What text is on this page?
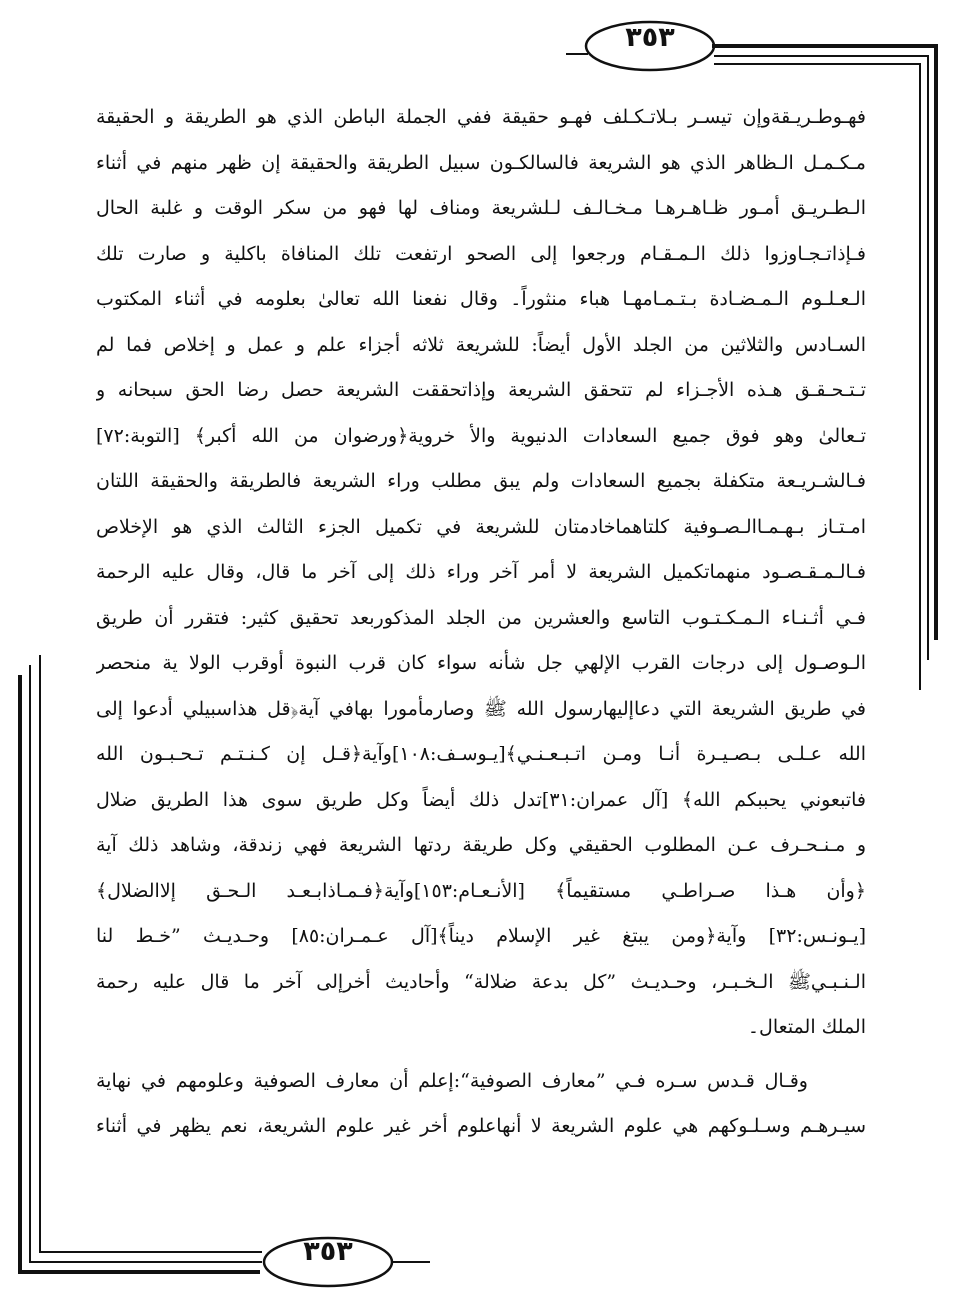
٣٥٣
٣٥٣
فهـوطـريـقةوإن تيسـر بـلاتـكـلف فهـو حقيقة ففي الجملة الباطن الذي هو الطريقة و الحقيقة
مـكـمـل الـظاهر الذي هو الشريعة فالسالكـون سبيل الطريقة والحقيقة إن ظهر منهم في أثناء
الـطـريـق أمـور ظـاهـرهـا مـخـالـف لـلشريعة ومناف لها فهو من سكر الوقت و غلبة الحال
فـإذاتـجـاوزوا ذلك الـمـقـام ورجعوا إلى الصحو ارتفعت تلك المنافاة باكلية و صارت تلك
الـعـلـوم الـمـضـادة بـتـمـامهـا هباء منثوراً۔ وقال نفعنا الله تعالیٰ بعلومه في أثناء المكتوب
السـادس والثلاثين من الجلد الأول أيضاً: للشريعة ثلاثه أجزاء علم و عمل و إخلاص فما لم
تـتـحـقـق هـذه الأجـزاء لم تتحقق الشريعة وإذاتحققت الشريعة حصل رضا الحق سبحانه و
تـعالیٰ وهو فوق جميع السعادات الدنيوية والأ خروية﴿ورضوان من الله أكبر﴾ [التوبة:٧٢]
فـالشـريـعة متكفلة بجميع السعادات ولم يبق مطلب وراء الشريعة فالطريقة والحقيقة اللتان
امـتـاز بـهـمـاالـصـوفية كلتاهماخادمتان للشريعة في تكميل الجزء الثالث الذي هو الإخلاص
فـالـمـقـصـود منهماتكميل الشريعة لا أمر آخر وراء ذلك إلى آخر ما قال، وقال عليه الرحمة
فـي أثـنـاء الـمـكـتـوب التاسع والعشرين من الجلد المذكوربعد تحقيق كثير: فتقرر أن طريق
الـوصـول إلى درجات القرب الإلهي جل شأنه سواء كان قرب النبوة أوقرب الولا ية منحصر
في طريق الشريعة التي دعاإليهارسول الله ﷺ وصارمأمورا بهافي آية﴿قل هذاسبيلي أدعوا إلى
الله عـلـى بـصـيـرة أنـا ومـن اتـبـعـنـي﴾[يـوسـف:١٠٨]وآية﴿قـل إن كـنـتـم تـحـبـون الله
فاتبعوني يحببكم الله﴾ [آل عمران:٣١]تدل ذلك أيضاً وكل طريق سوى هذا الطريق ضلال
و مـنـحـرف عـن المطلوب الحقيقي وكل طريقة ردتها الشريعة فهي زندقة، وشاهد ذلك آية
﴿وأن هـذا صـراطـي مستقيماً﴾ [الأنـعـام:١٥٣]وآية﴿فـمـاذابـعـد الـحـق إلاالضلال﴾
[يـونـس:٣٢] وآية﴿ومن يبتغ غير الإسلام ديناً﴾[آل عـمـران:٨٥] وحـديـث ”خـط لنا
الـنـبـيﷺ الـخـبـر، وحـديـث ”كل بدعة ضلالة“ وأحاديث أخرإلى آخر ما قال عليه رحمة
الملك المتعال۔
وقـال قـدس سـره فـي ”معارف الصوفية“:إعلم أن معارف الصوفية وعلومهم في نهاية
سيـرهـم وسـلـوكهم هي علوم الشريعة لا أنهاعلوم أخر غير علوم الشريعة، نعم يظهر في أثناء
